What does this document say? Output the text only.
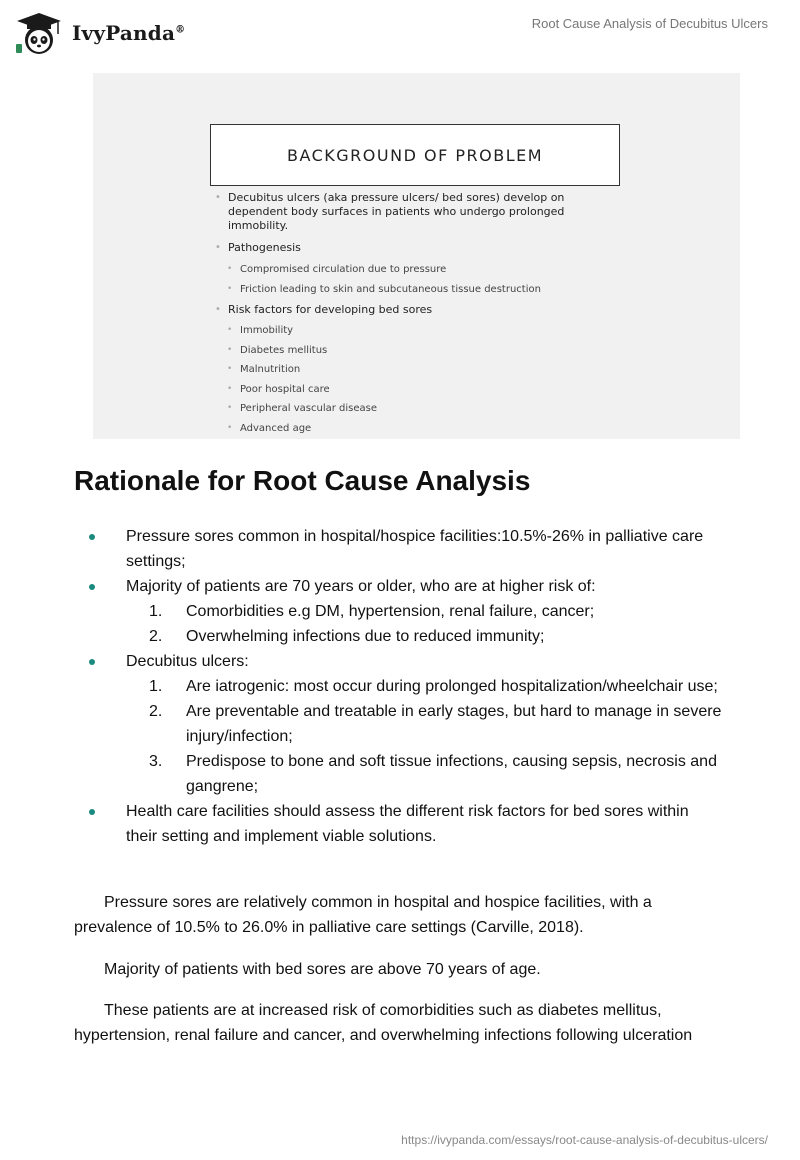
IvyPanda®	Root Cause Analysis of Decubitus Ulcers
BACKGROUND OF PROBLEM
• Decubitus ulcers (aka pressure ulcers/ bed sores) develop on dependent body surfaces in patients who undergo prolonged immobility.
• Pathogenesis
• Compromised circulation due to pressure
• Friction leading to skin and subcutaneous tissue destruction
• Risk factors for developing bed sores
• Immobility
• Diabetes mellitus
• Malnutrition
• Poor hospital care
• Peripheral vascular disease
• Advanced age
Rationale for Root Cause Analysis
Pressure sores common in hospital/hospice facilities:10.5%-26% in palliative care settings;
Majority of patients are 70 years or older, who are at higher risk of:
1. Comorbidities e.g DM, hypertension, renal failure, cancer;
2. Overwhelming infections due to reduced immunity;
Decubitus ulcers:
1. Are iatrogenic: most occur during prolonged hospitalization/wheelchair use;
2. Are preventable and treatable in early stages, but hard to manage in severe injury/infection;
3. Predispose to bone and soft tissue infections, causing sepsis, necrosis and gangrene;
Health care facilities should assess the different risk factors for bed sores within their setting and implement viable solutions.

Pressure sores are relatively common in hospital and hospice facilities, with a prevalence of 10.5% to 26.0% in palliative care settings (Carville, 2018).

Majority of patients with bed sores are above 70 years of age.

These patients are at increased risk of comorbidities such as diabetes mellitus, hypertension, renal failure and cancer, and overwhelming infections following ulceration

https://ivypanda.com/essays/root-cause-analysis-of-decubitus-ulcers/
